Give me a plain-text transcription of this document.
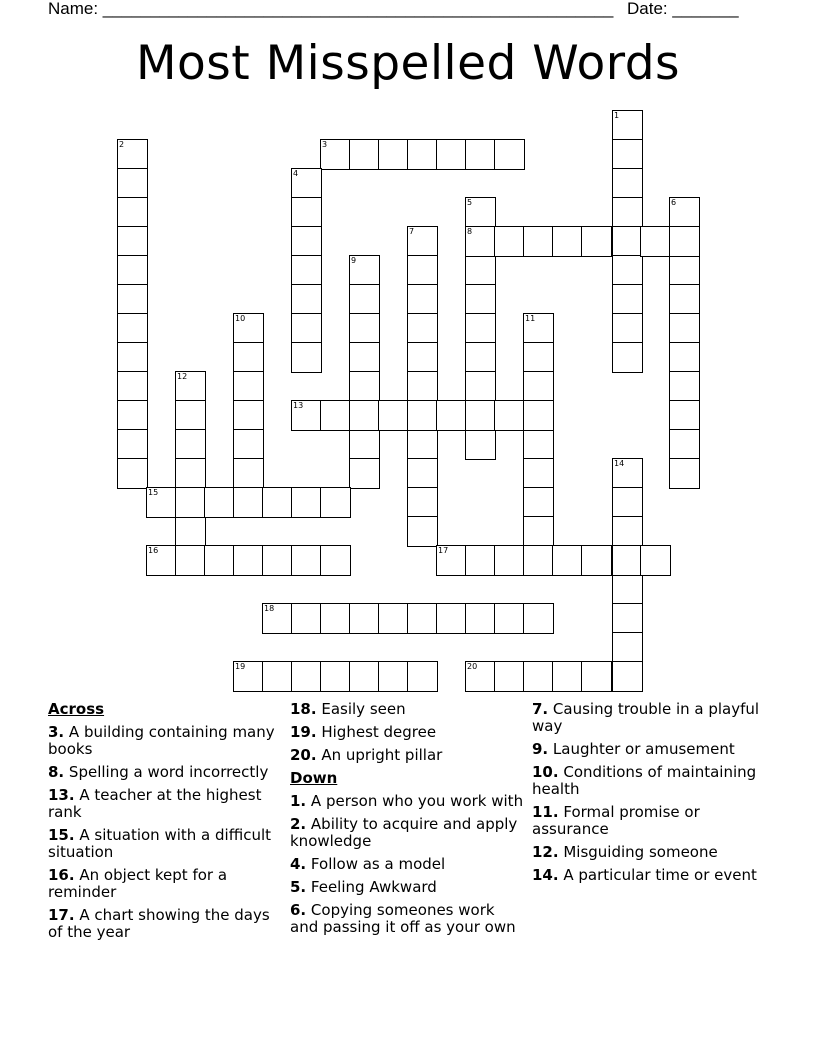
Name: ______________________________________________________ Date: _______
Most Misspelled Words
1
2	3
4
5	6
7	8
9
10	11
12
13
14
15
16	17
18
19	20
Across
3. A building containing many books
8. Spelling a word incorrectly
13. A teacher at the highest rank
15. A situation with a difficult situation
16. An object kept for a reminder
17. A chart showing the days of the year
18. Easily seen
19. Highest degree
20. An upright pillar
Down
1. A person who you work with
2. Ability to acquire and apply knowledge
4. Follow as a model
5. Feeling Awkward
6. Copying someones work and passing it off as your own
7. Causing trouble in a playful way
9. Laughter or amusement
10. Conditions of maintaining health
11. Formal promise or assurance
12. Misguiding someone
14. A particular time or event
